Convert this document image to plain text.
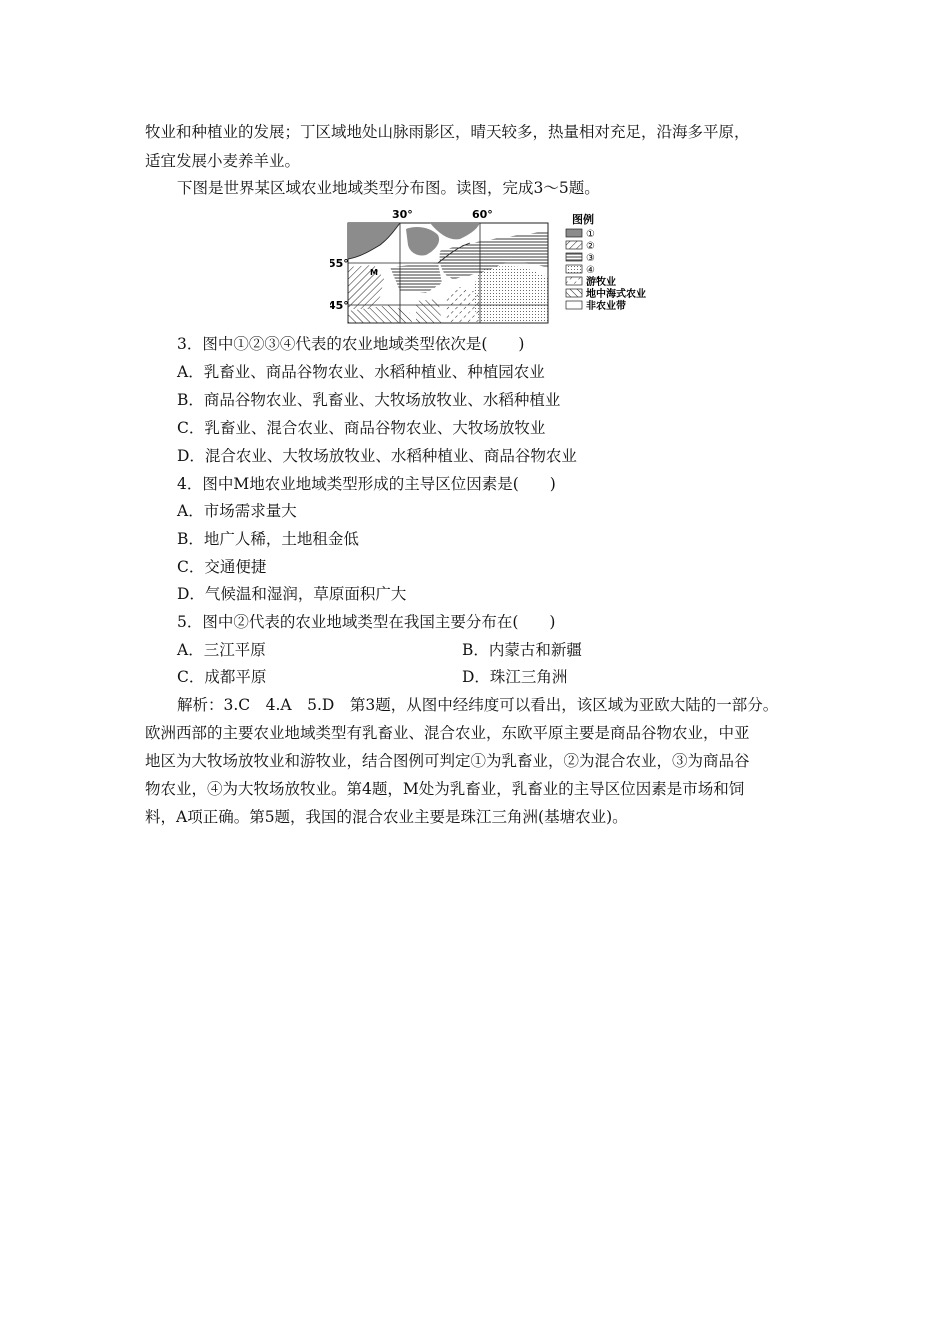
牧业和种植业的发展；丁区域地处山脉雨影区，晴天较多，热量相对充足，沿海多平原，
适宜发展小麦养羊业。
下图是世界某区域农业地域类型分布图。读图，完成3～5题。
30°	60°
55°
45°
M
图例
①
②
③
④
游牧业
地中海式农业
非农业带
3．图中①②③④代表的农业地域类型依次是(　　)
A．乳畜业、商品谷物农业、水稻种植业、种植园农业
B．商品谷物农业、乳畜业、大牧场放牧业、水稻种植业
C．乳畜业、混合农业、商品谷物农业、大牧场放牧业
D．混合农业、大牧场放牧业、水稻种植业、商品谷物农业
4．图中M地农业地域类型形成的主导区位因素是(　　)
A．市场需求量大
B．地广人稀，土地租金低
C．交通便捷
D．气候温和湿润，草原面积广大
5．图中②代表的农业地域类型在我国主要分布在(　　)
A．三江平原	B．内蒙古和新疆
C．成都平原	D．珠江三角洲
解析：3.C　4.A　5.D　第3题，从图中经纬度可以看出，该区域为亚欧大陆的一部分。
欧洲西部的主要农业地域类型有乳畜业、混合农业，东欧平原主要是商品谷物农业，中亚
地区为大牧场放牧业和游牧业，结合图例可判定①为乳畜业，②为混合农业，③为商品谷
物农业，④为大牧场放牧业。第4题，M处为乳畜业，乳畜业的主导区位因素是市场和饲
料，A项正确。第5题，我国的混合农业主要是珠江三角洲(基塘农业)。
